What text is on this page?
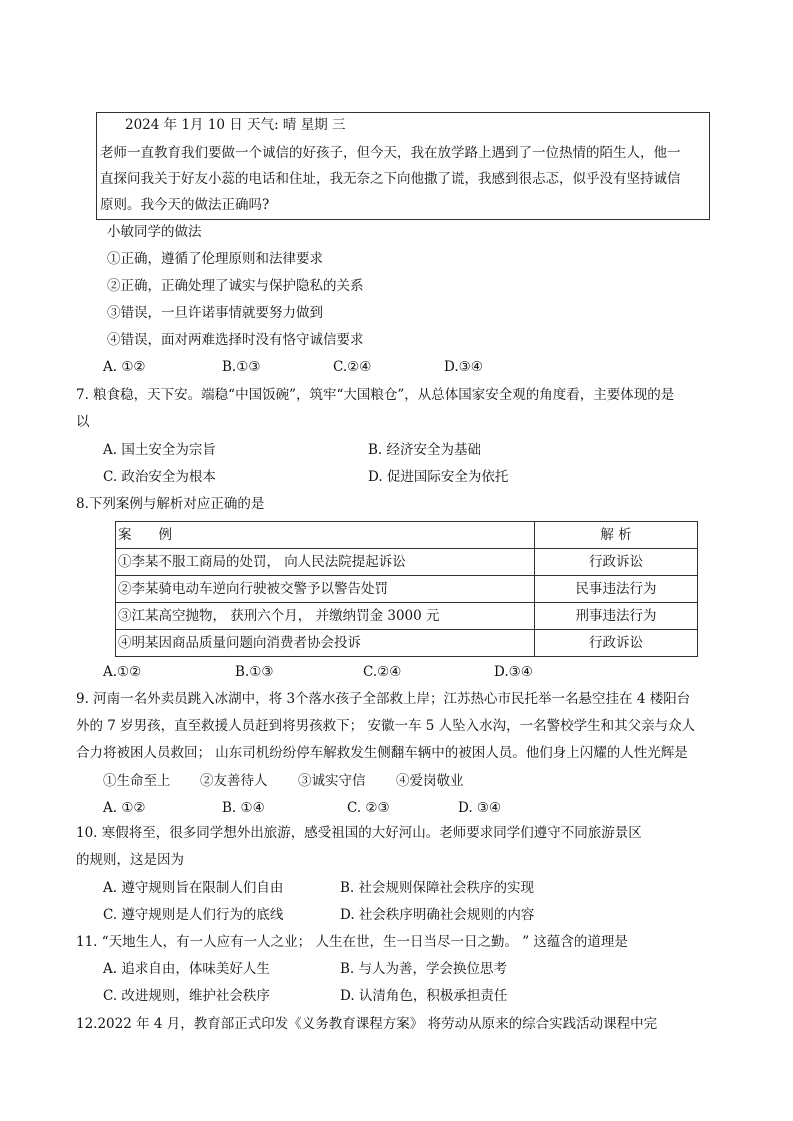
2024 年 1月 10 日 天气: 晴 星期 三
老师一直教育我们要做一个诚信的好孩子，但今天，我在放学路上遇到了一位热情的陌生人，他一
直探问我关于好友小蕊的电话和住址，我无奈之下向他撒了谎，我感到很忐忑，似乎没有坚持诚信
原则。我今天的做法正确吗?
小敏同学的做法
①正确，遵循了伦理原则和法律要求
②正确，正确处理了诚实与保护隐私的关系
③错误，一旦许诺事情就要努力做到
④错误，面对两难选择时没有恪守诚信要求
A. ①②	B.①③	C.②④	D.③④
7. 粮食稳，天下安。端稳“中国饭碗”，筑牢“大国粮仓”，从总体国家安全观的角度看，主要体现的是
以
A. 国土安全为宗旨	B. 经济安全为基础
C. 政治安全为根本	D. 促进国际安全为依托
8.下列案例与解析对应正确的是
案　　例	解 析
①李某不服工商局的处罚， 向人民法院提起诉讼	行政诉讼
②李某骑电动车逆向行驶被交警予以警告处罚	民事违法行为
③江某高空抛物， 获刑六个月， 并缴纳罚金 3000 元	刑事违法行为
④明某因商品质量问题向消费者协会投诉	行政诉讼
A.①②	B.①③	C.②④	D.③④
9. 河南一名外卖员跳入冰湖中，将 3个落水孩子全部救上岸；江苏热心市民托举一名悬空挂在 4 楼阳台
外的 7 岁男孩，直至救援人员赶到将男孩救下； 安徽一车 5 人坠入水沟，一名警校学生和其父亲与众人
合力将被困人员救回； 山东司机纷纷停车解救发生侧翻车辆中的被困人员。他们身上闪耀的人性光辉是
①生命至上 ②友善待人 ③诚实守信 ④爱岗敬业
A. ①②	B. ①④	C. ②③	D. ③④
10. 寒假将至，很多同学想外出旅游，感受祖国的大好河山。老师要求同学们遵守不同旅游景区
的规则，这是因为
A. 遵守规则旨在限制人们自由	B. 社会规则保障社会秩序的实现
C. 遵守规则是人们行为的底线	D. 社会秩序明确社会规则的内容
11. “天地生人，有一人应有一人之业； 人生在世，生一日当尽一日之勤。 ” 这蕴含的道理是
A. 追求自由，体味美好人生	B. 与人为善，学会换位思考
C. 改进规则，维护社会秩序	D. 认清角色，积极承担责任
12.2022 年 4 月，教育部正式印发《义务教育课程方案》 将劳动从原来的综合实践活动课程中完
